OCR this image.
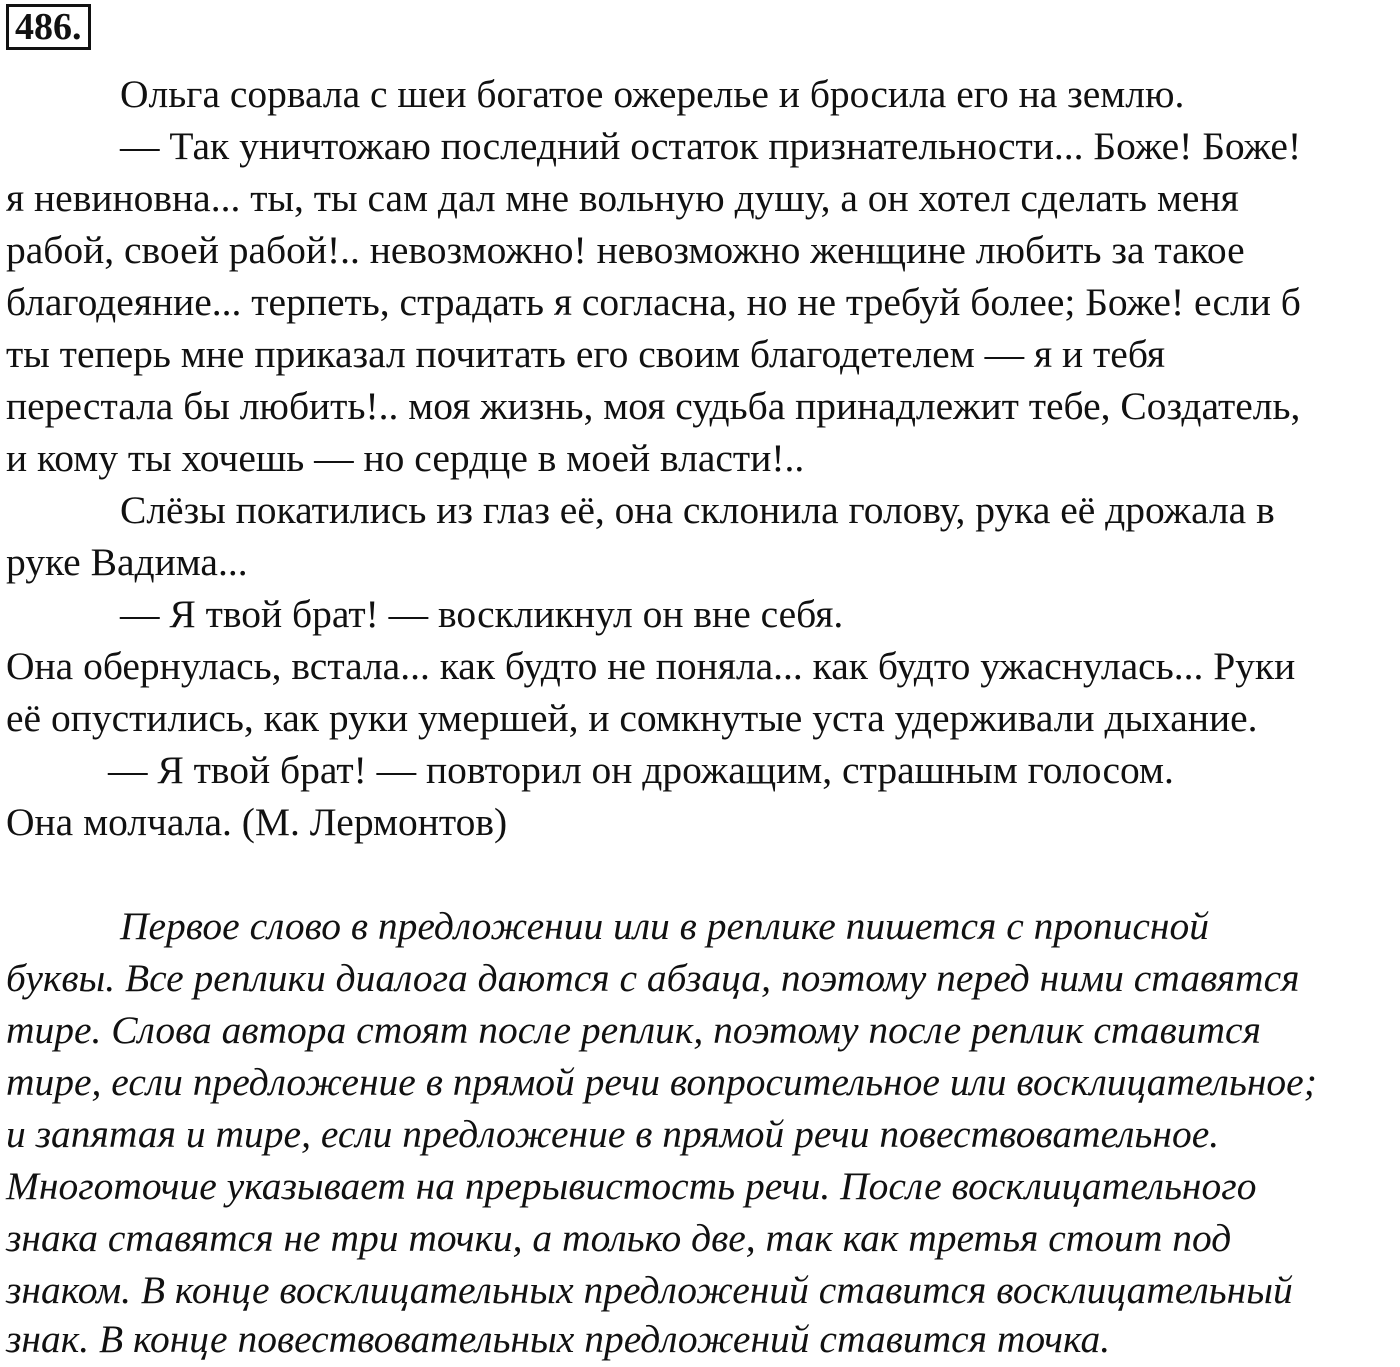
486.
Ольга сорвала с шеи богатое ожерелье и бросила его на землю.
— Так уничтожаю последний остаток признательности... Боже! Боже!
я невиновна... ты, ты сам дал мне вольную душу, а он хотел сделать меня
рабой, своей рабой!.. невозможно! невозможно женщине любить за такое
благодеяние... терпеть, страдать я согласна, но не требуй более; Боже! если б
ты теперь мне приказал почитать его своим благодетелем — я и тебя
перестала бы любить!.. моя жизнь, моя судьба принадлежит тебе, Создатель,
и кому ты хочешь — но сердце в моей власти!..
Слёзы покатились из глаз её, она склонила голову, рука её дрожала в
руке Вадима...
— Я твой брат! — воскликнул он вне себя.
Она обернулась, встала... как будто не поняла... как будто ужаснулась... Руки
её опустились, как руки умершей, и сомкнутые уста удерживали дыхание.
— Я твой брат! — повторил он дрожащим, страшным голосом.
Она молчала. (М. Лермонтов)
Первое слово в предложении или в реплике пишется с прописной
буквы. Все реплики диалога даются с абзаца, поэтому перед ними ставятся
тире. Слова автора стоят после реплик, поэтому после реплик ставится
тире, если предложение в прямой речи вопросительное или восклицательное;
и запятая и тире, если предложение в прямой речи повествовательное.
Многоточие указывает на прерывистость речи. После восклицательного
знака ставятся не три точки, а только две, так как третья стоит под
знаком. В конце восклицательных предложений ставится восклицательный
знак. В конце повествовательных предложений ставится точка.
